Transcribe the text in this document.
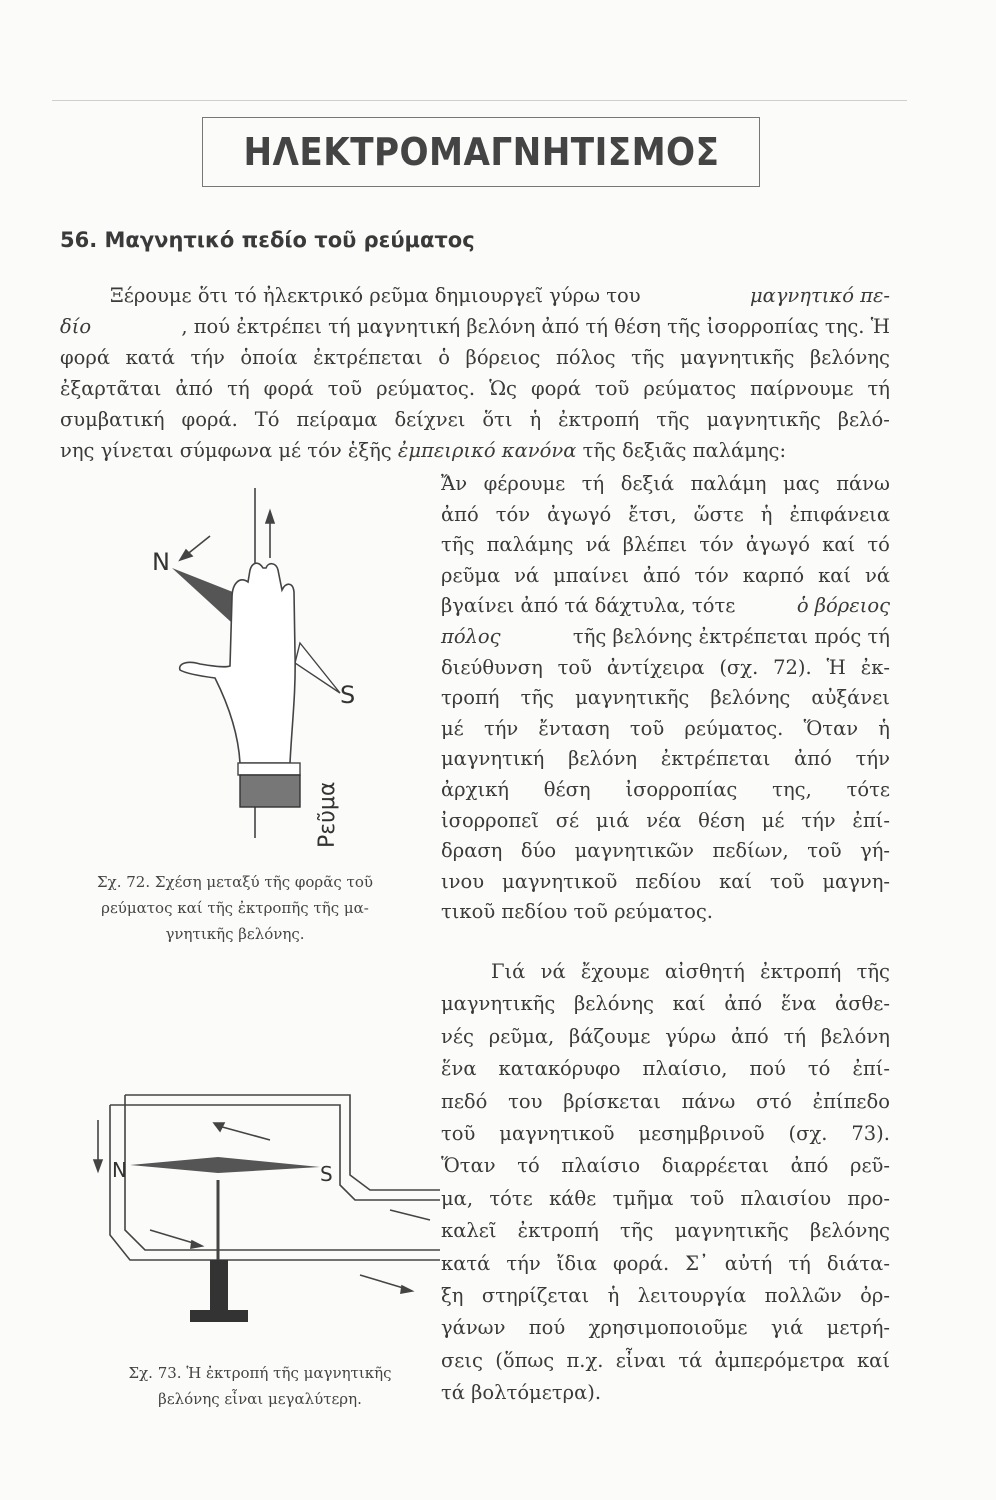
ΗΛΕΚΤΡΟΜΑΓΝΗΤΙΣΜΟΣ
56. Μαγνητικό πεδίο τοῦ ρεύματος
Ξέρουμε ὅτι τό ἠλεκτρικό ρεῦμα δημιουργεῖ γύρω του	μαγνητικό πε-
δίο	, πού ἐκτρέπει τή μαγνητική βελόνη ἀπό τή θέση τῆς ἰσορροπίας της. Ἡ
φορά κατά τήν ὁποία ἐκτρέπεται ὁ βόρειος πόλος τῆς μαγνητικῆς βελόνης
ἐξαρτᾶται ἀπό τή φορά τοῦ ρεύματος. Ὡς φορά τοῦ ρεύματος παίρνουμε τή
συμβατική φορά. Τό πείραμα δείχνει ὅτι ἡ ἐκτροπή τῆς μαγνητικῆς βελό-
νης γίνεται σύμφωνα μέ τόν ἑξῆς ἐμπειρικό κανόνα τῆς δεξιᾶς παλάμης:
Ἄν φέρουμε τή δεξιά παλάμη μας πάνω
ἀπό τόν ἀγωγό ἔτσι, ὥστε ἡ ἐπιφάνεια
τῆς παλάμης νά βλέπει τόν ἀγωγό καί τό
ρεῦμα νά μπαίνει ἀπό τόν καρπό καί νά
βγαίνει ἀπό τά δάχτυλα, τότε	ὁ βόρειος
πόλος	τῆς βελόνης ἐκτρέπεται πρός τή
διεύθυνση τοῦ ἀντίχειρα (σχ. 72). Ἡ ἐκ-
τροπή τῆς μαγνητικῆς βελόνης αὐξάνει
μέ τήν ἔνταση τοῦ ρεύματος. Ὅταν ἡ
μαγνητική βελόνη ἐκτρέπεται ἀπό τήν
ἀρχική θέση ἰσορροπίας της, τότε
ἰσορροπεῖ σέ μιά νέα θέση μέ τήν ἐπί-
δραση δύο μαγνητικῶν πεδίων, τοῦ γή-
ινου μαγνητικοῦ πεδίου καί τοῦ μαγνη-
τικοῦ πεδίου τοῦ ρεύματος.
Γιά νά ἔχουμε αἰσθητή ἐκτροπή τῆς
μαγνητικῆς βελόνης καί ἀπό ἕνα ἀσθε-
νές ρεῦμα, βάζουμε γύρω ἀπό τή βελόνη
ἕνα κατακόρυφο πλαίσιο, πού τό ἐπί-
πεδό του βρίσκεται πάνω στό ἐπίπεδο
τοῦ μαγνητικοῦ μεσημβρινοῦ (σχ. 73).
Ὅταν τό πλαίσιο διαρρέεται ἀπό ρεῦ-
μα, τότε κάθε τμῆμα τοῦ πλαισίου προ-
καλεῖ ἐκτροπή τῆς μαγνητικῆς βελόνης
κατά τήν ἴδια φορά. Σ᾽ αὐτή τή διάτα-
ξη στηρίζεται ἡ λειτουργία πολλῶν ὀρ-
γάνων πού χρησιμοποιοῦμε γιά μετρή-
σεις (ὅπως π.χ. εἶναι τά ἀμπερόμετρα καί
τά βολτόμετρα).
N
S
Ρεῦμα
Σχ. 72. Σχέση μεταξύ τῆς φορᾶς τοῦ
ρεύματος καί τῆς ἐκτροπῆς τῆς μα-
γνητικῆς βελόνης.
N	S
Σχ. 73. Ἡ ἐκτροπή τῆς μαγνητικῆς
βελόνης εἶναι μεγαλύτερη.
